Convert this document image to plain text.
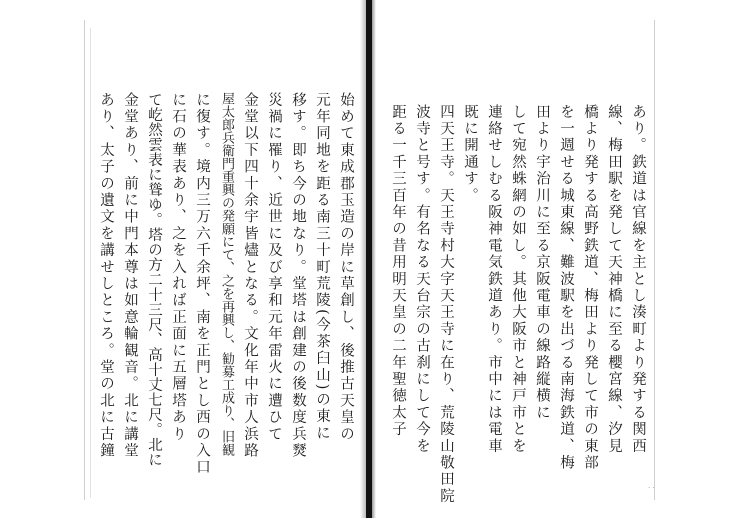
始めて東成郡玉造の岸に草創し、後推古天皇の
元年同地を距る南三十町荒陵(今茶臼山)の東に
移す。即ち今の地なり。堂塔は創建の後数度兵燹
災禍に罹り、近世に及び享和元年雷火に遭ひて
金堂以下四十余宇皆燼となる。文化年中市人浜路
屋太郎兵衛門重興の発願にて、之を再興し、勧募工成り、旧観
に復す。境内三万六千余坪、南を正門とし西の入口
に石の華表あり、之を入れば正面に五層塔あり
て屹然雲表に聳ゆ。塔の方二十三尺、高十丈七尺。北に
金堂あり、前に中門本尊は如意輪観音。北に講堂
あり、太子の遺文を講せしところ。堂の北に古鐘	あり。鉄道は官線を主とし湊町より発する関西
線、梅田駅を発して天神橋に至る櫻宮線、汐見
橋より発する高野鉄道、梅田より発して市の東部
を一週せる城東線、難波駅を出づる南海鉄道、梅
田より宇治川に至る京阪電車の線路縦横に
して宛然蛛網の如し。其他大阪市と神戸市とを
連絡せしむる阪神電気鉄道あり。市中には電車
既に開通す。
四天王寺。天王寺村大字天王寺に在り、荒陵山敬田院
波寺と号す。有名なる天台宗の古刹にして今を
距る一千三百年の昔用明天皇の二年聖徳太子
· ·
